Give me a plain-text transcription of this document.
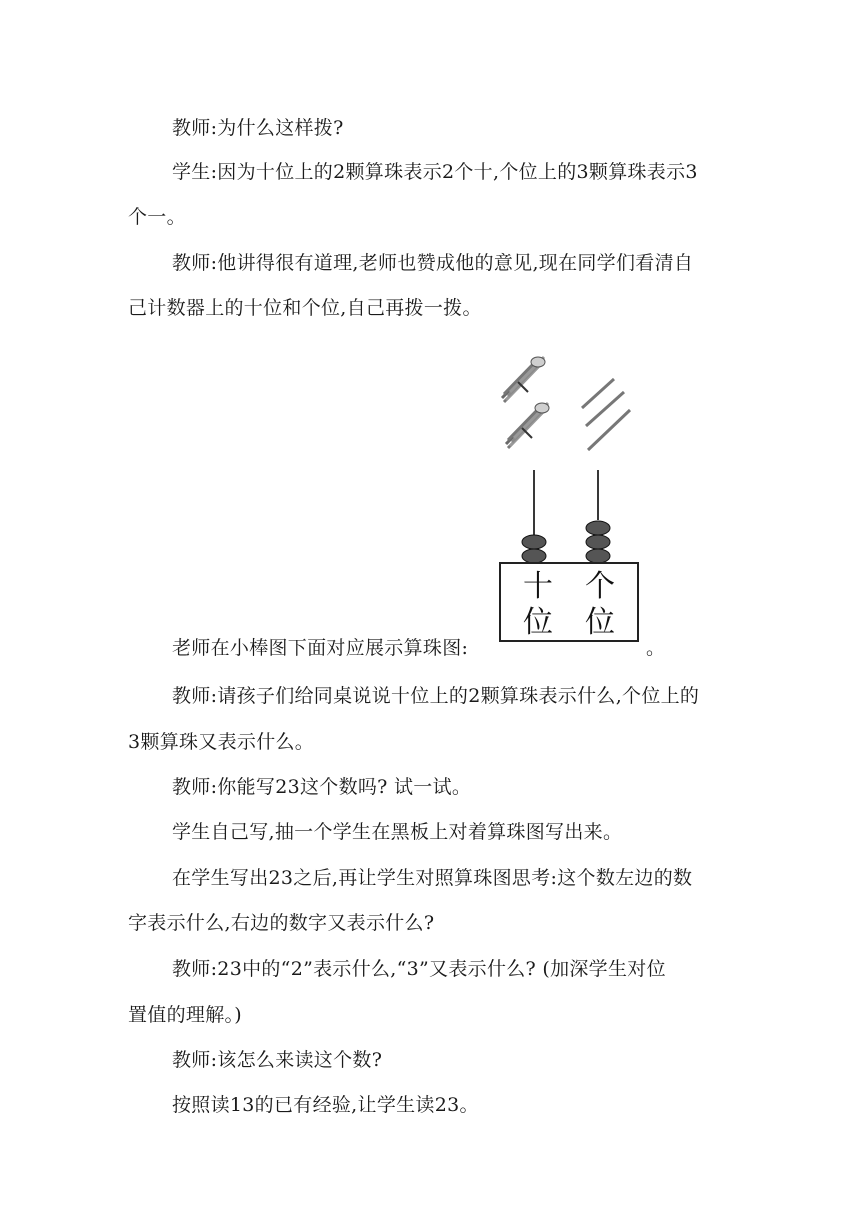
教师:为什么这样拨?
学生:因为十位上的2颗算珠表示2个十,个位上的3颗算珠表示3
个一。
教师:他讲得很有道理,老师也赞成他的意见,现在同学们看清自
己计数器上的十位和个位,自己再拨一拨。
老师在小棒图下面对应展示算珠图:	。
十
位
个
位
教师:请孩子们给同桌说说十位上的2颗算珠表示什么,个位上的
3颗算珠又表示什么。
教师:你能写23这个数吗? 试一试。
学生自己写,抽一个学生在黑板上对着算珠图写出来。
在学生写出23之后,再让学生对照算珠图思考:这个数左边的数
字表示什么,右边的数字又表示什么?
教师:23中的“2”表示什么,“3”又表示什么? (加深学生对位
置值的理解。)
教师:该怎么来读这个数?
按照读13的已有经验,让学生读23。
